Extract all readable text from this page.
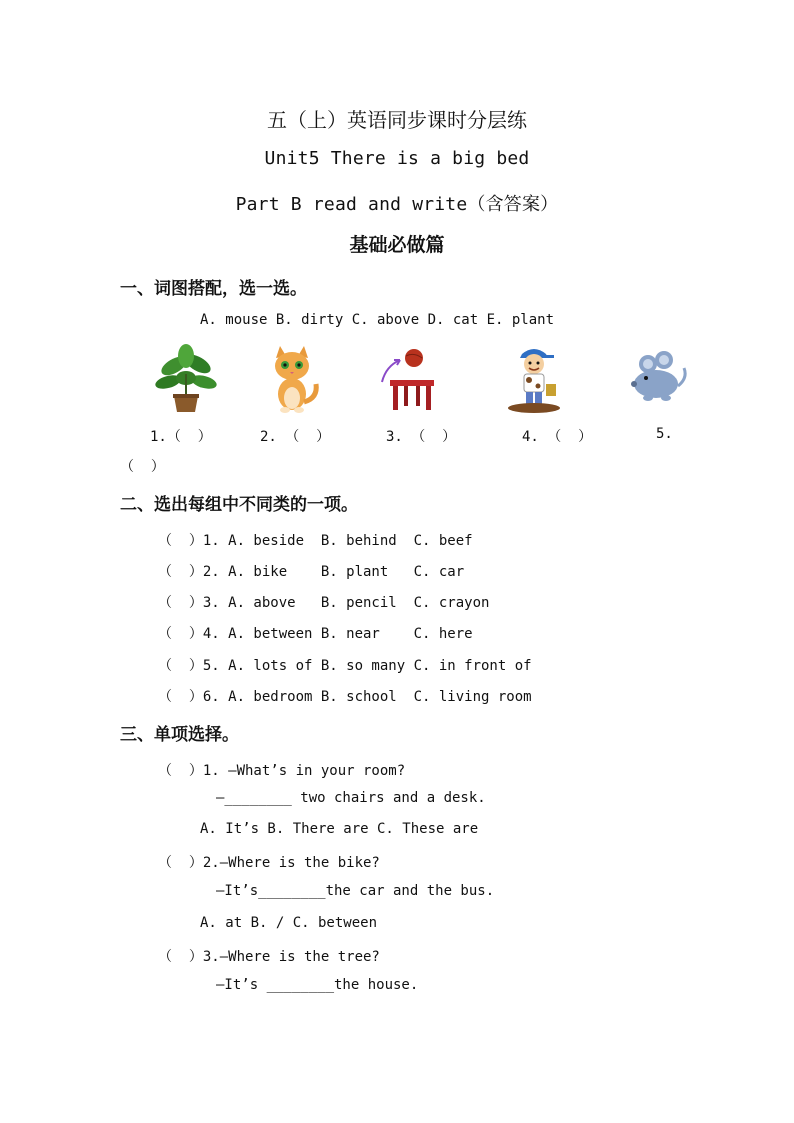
五（上）英语同步课时分层练
Unit5 There is a big bed
Part B read and write（含答案）
基础必做篇
一、词图搭配，选一选。
A. mouse B. dirty C. above D. cat E. plant
1.（  ）	2. （  ）	3. （  ）	4. （  ）	5.
（  ）
二、选出每组中不同类的一项。
（  ）1. A. beside  B. behind  C. beef
（  ）2. A. bike    B. plant   C. car
（  ）3. A. above   B. pencil  C. crayon
（  ）4. A. between B. near    C. here
（  ）5. A. lots of B. so many C. in front of
（  ）6. A. bedroom B. school  C. living room
三、单项选择。
（  ）1. —What’s in your room?
—________ two chairs and a desk.
A. It’s B. There are C. These are
（  ）2.—Where is the bike?
—It’s________the car and the bus.
A. at B. / C. between
（  ）3.—Where is the tree?
—It’s ________the house.
